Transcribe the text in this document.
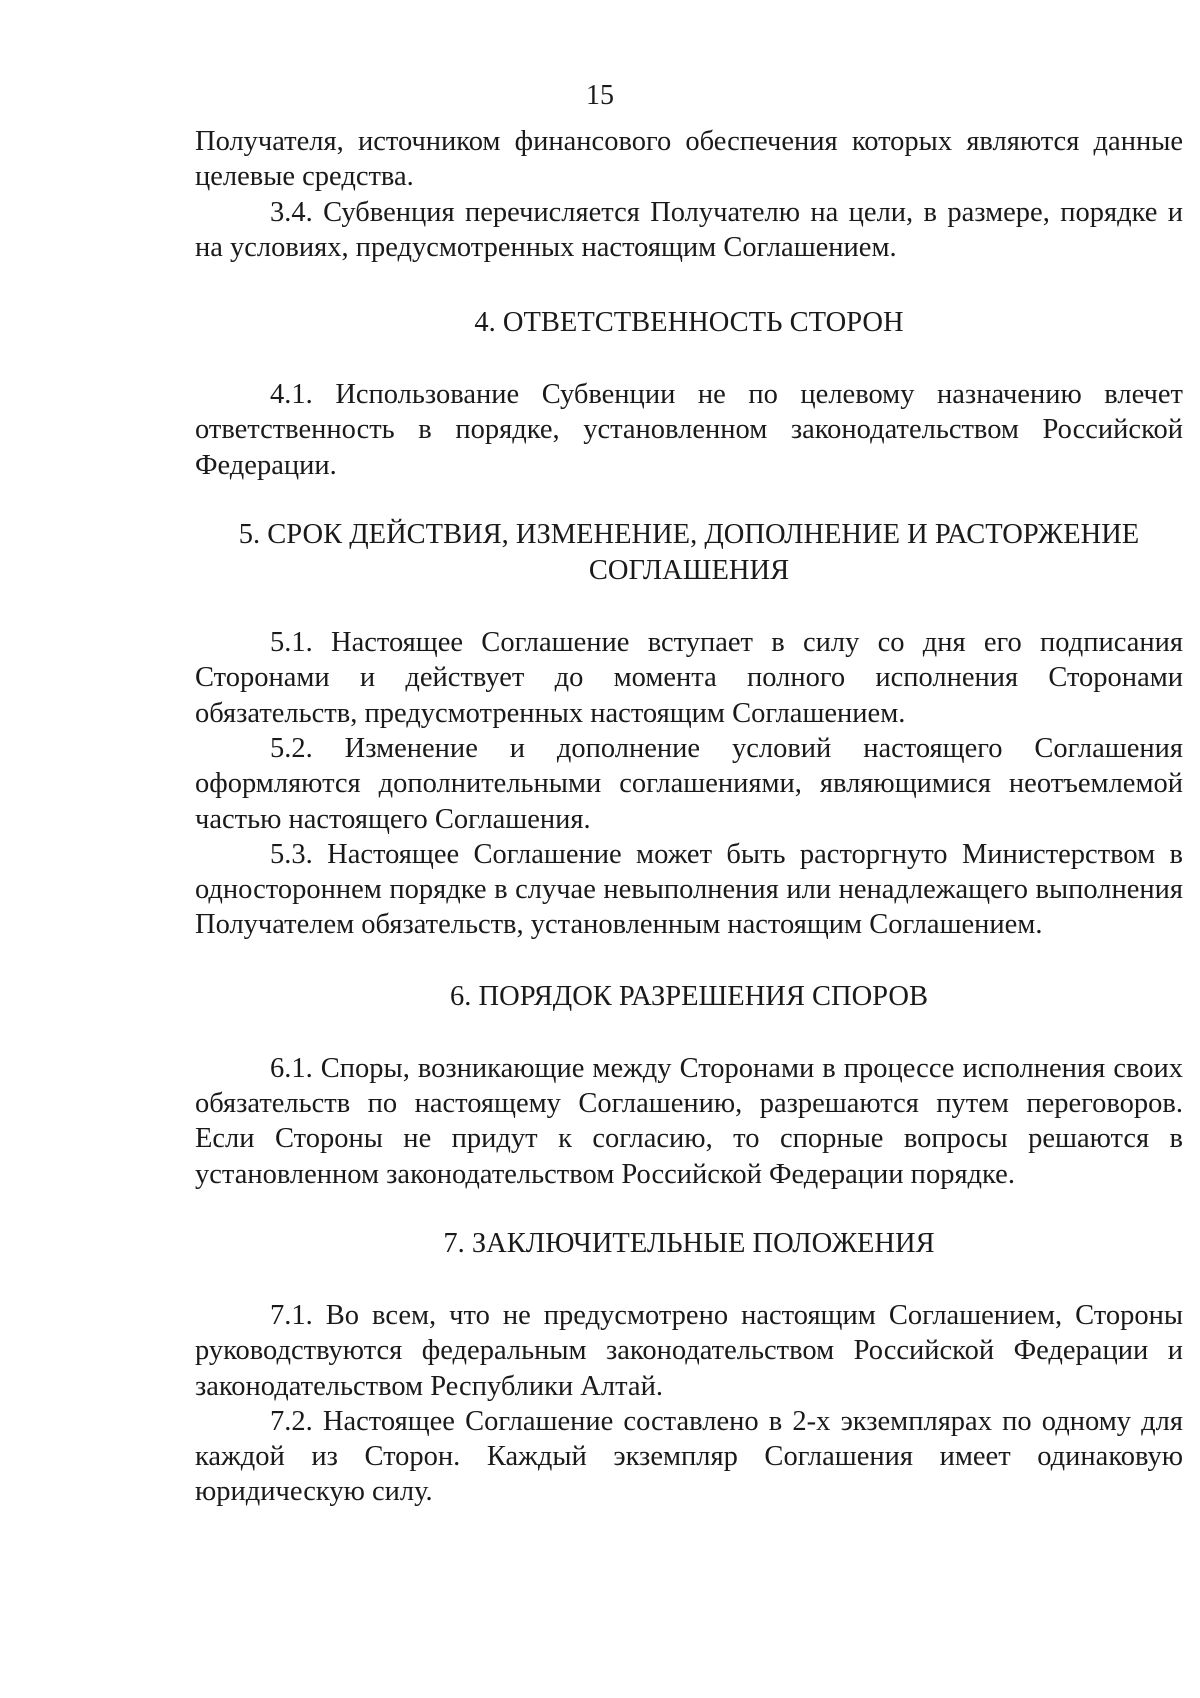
15

Получателя, источником финансового обеспечения которых являются данные целевые средства.

3.4. Субвенция перечисляется Получателю на цели, в размере, порядке и на условиях, предусмотренных настоящим Соглашением.

4. ОТВЕТСТВЕННОСТЬ СТОРОН

4.1. Использование Субвенции не по целевому назначению влечет ответственность в порядке, установленном законодательством Российской Федерации.

5. СРОК ДЕЙСТВИЯ, ИЗМЕНЕНИЕ, ДОПОЛНЕНИЕ И РАСТОРЖЕНИЕ
СОГЛАШЕНИЯ

5.1. Настоящее Соглашение вступает в силу со дня его подписания Сторонами и действует до момента полного исполнения Сторонами обязательств, предусмотренных настоящим Соглашением.

5.2. Изменение и дополнение условий настоящего Соглашения оформляются дополнительными соглашениями, являющимися неотъемлемой частью настоящего Соглашения.

5.3. Настоящее Соглашение может быть расторгнуто Министерством в одностороннем порядке в случае невыполнения или ненадлежащего выполнения Получателем обязательств, установленным настоящим Соглашением.

6. ПОРЯДОК РАЗРЕШЕНИЯ СПОРОВ

6.1. Споры, возникающие между Сторонами в процессе исполнения своих обязательств по настоящему Соглашению, разрешаются путем переговоров. Если Стороны не придут к согласию, то спорные вопросы решаются в установленном законодательством Российской Федерации порядке.

7. ЗАКЛЮЧИТЕЛЬНЫЕ ПОЛОЖЕНИЯ

7.1. Во всем, что не предусмотрено настоящим Соглашением, Стороны руководствуются федеральным законодательством Российской Федерации и законодательством Республики Алтай.

7.2. Настоящее Соглашение составлено в 2-х экземплярах по одному для каждой из Сторон. Каждый экземпляр Соглашения имеет одинаковую юридическую силу.
